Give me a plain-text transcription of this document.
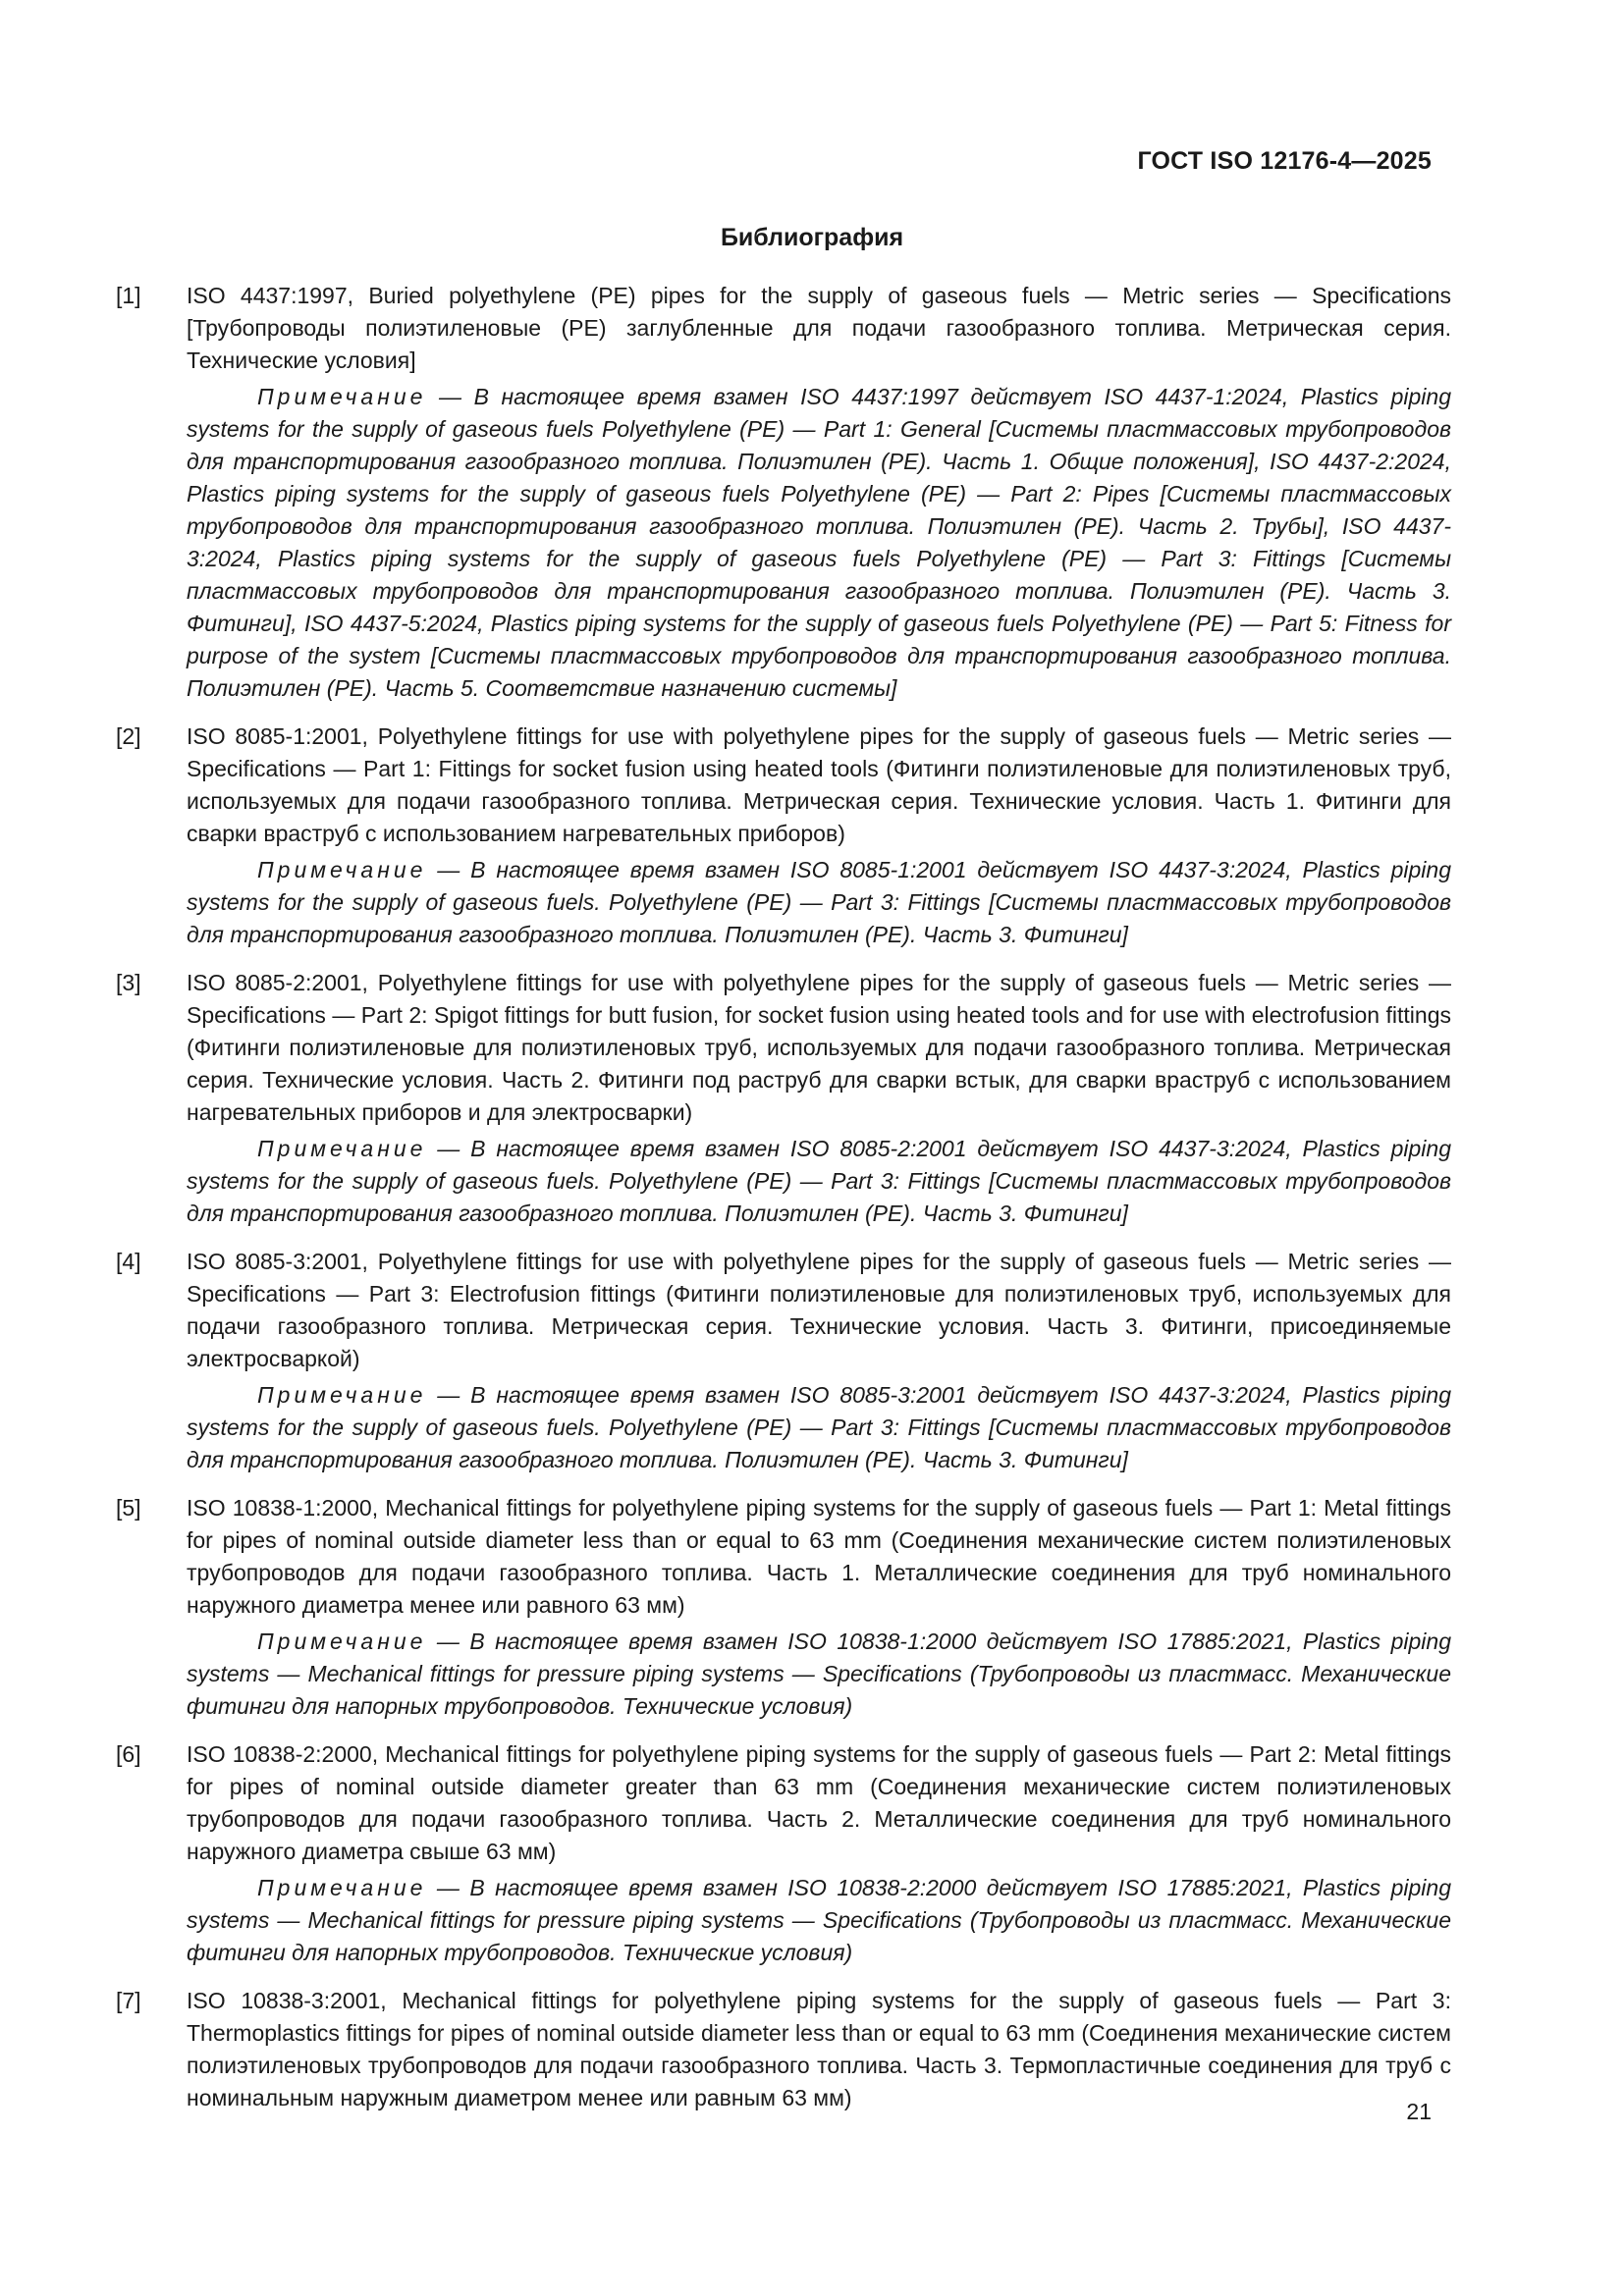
ГОСТ ISO 12176-4—2025
Библиография
[1] ISO 4437:1997, Buried polyethylene (PE) pipes for the supply of gaseous fuels — Metric series — Specifications [Трубопроводы полиэтиленовые (PE) заглубленные для подачи газообразного топлива. Метрическая серия. Технические условия]
Примечание — В настоящее время взамен ISO 4437:1997 действует ISO 4437-1:2024, Plastics piping systems for the supply of gaseous fuels Polyethylene (PE) — Part 1: General [Системы пластмассовых трубопроводов для транспортирования газообразного топлива. Полиэтилен (PE). Часть 1. Общие положения], ISO 4437-2:2024, Plastics piping systems for the supply of gaseous fuels Polyethylene (PE) — Part 2: Pipes [Системы пластмассовых трубопроводов для транспортирования газообразного топлива. Полиэтилен (PE). Часть 2. Трубы], ISO 4437-3:2024, Plastics piping systems for the supply of gaseous fuels Polyethylene (PE) — Part 3: Fittings [Системы пластмассовых трубопроводов для транспортирования газообразного топлива. Полиэтилен (PE). Часть 3. Фитинги], ISO 4437-5:2024, Plastics piping systems for the supply of gaseous fuels Polyethylene (PE) — Part 5: Fitness for purpose of the system [Системы пластмассовых трубопроводов для транспортирования газообразного топлива. Полиэтилен (PE). Часть 5. Соответствие назначению системы]
[2] ISO 8085-1:2001, Polyethylene fittings for use with polyethylene pipes for the supply of gaseous fuels — Metric series — Specifications — Part 1: Fittings for socket fusion using heated tools (Фитинги полиэтиленовые для полиэтиленовых труб, используемых для подачи газообразного топлива. Метрическая серия. Технические условия. Часть 1. Фитинги для сварки враструб с использованием нагревательных приборов)
Примечание — В настоящее время взамен ISO 8085-1:2001 действует ISO 4437-3:2024, Plastics piping systems for the supply of gaseous fuels. Polyethylene (PE) — Part 3: Fittings [Системы пластмассовых трубопроводов для транспортирования газообразного топлива. Полиэтилен (PE). Часть 3. Фитинги]
[3] ISO 8085-2:2001, Polyethylene fittings for use with polyethylene pipes for the supply of gaseous fuels — Metric series — Specifications — Part 2: Spigot fittings for butt fusion, for socket fusion using heated tools and for use with electrofusion fittings (Фитинги полиэтиленовые для полиэтиленовых труб, используемых для подачи газообразного топлива. Метрическая серия. Технические условия. Часть 2. Фитинги под раструб для сварки встык, для сварки враструб с использованием нагревательных приборов и для электросварки)
Примечание — В настоящее время взамен ISO 8085-2:2001 действует ISO 4437-3:2024, Plastics piping systems for the supply of gaseous fuels. Polyethylene (PE) — Part 3: Fittings [Системы пластмассовых трубопроводов для транспортирования газообразного топлива. Полиэтилен (PE). Часть 3. Фитинги]
[4] ISO 8085-3:2001, Polyethylene fittings for use with polyethylene pipes for the supply of gaseous fuels — Metric series — Specifications — Part 3: Electrofusion fittings (Фитинги полиэтиленовые для полиэтиленовых труб, используемых для подачи газообразного топлива. Метрическая серия. Технические условия. Часть 3. Фитинги, присоединяемые электросваркой)
Примечание — В настоящее время взамен ISO 8085-3:2001 действует ISO 4437-3:2024, Plastics piping systems for the supply of gaseous fuels. Polyethylene (PE) — Part 3: Fittings [Системы пластмассовых трубопроводов для транспортирования газообразного топлива. Полиэтилен (PE). Часть 3. Фитинги]
[5] ISO 10838-1:2000, Mechanical fittings for polyethylene piping systems for the supply of gaseous fuels — Part 1: Metal fittings for pipes of nominal outside diameter less than or equal to 63 mm (Соединения механические систем полиэтиленовых трубопроводов для подачи газообразного топлива. Часть 1. Металлические соединения для труб номинального наружного диаметра менее или равного 63 мм)
Примечание — В настоящее время взамен ISO 10838-1:2000 действует ISO 17885:2021, Plastics piping systems — Mechanical fittings for pressure piping systems — Specifications (Трубопроводы из пластмасс. Механические фитинги для напорных трубопроводов. Технические условия)
[6] ISO 10838-2:2000, Mechanical fittings for polyethylene piping systems for the supply of gaseous fuels — Part 2: Metal fittings for pipes of nominal outside diameter greater than 63 mm (Соединения механические систем полиэтиленовых трубопроводов для подачи газообразного топлива. Часть 2. Металлические соединения для труб номинального наружного диаметра свыше 63 мм)
Примечание — В настоящее время взамен ISO 10838-2:2000 действует ISO 17885:2021, Plastics piping systems — Mechanical fittings for pressure piping systems — Specifications (Трубопроводы из пластмасс. Механические фитинги для напорных трубопроводов. Технические условия)
[7] ISO 10838-3:2001, Mechanical fittings for polyethylene piping systems for the supply of gaseous fuels — Part 3: Thermoplastics fittings for pipes of nominal outside diameter less than or equal to 63 mm (Соединения механические систем полиэтиленовых трубопроводов для подачи газообразного топлива. Часть 3. Термопластичные соединения для труб с номинальным наружным диаметром менее или равным 63 мм)
21
